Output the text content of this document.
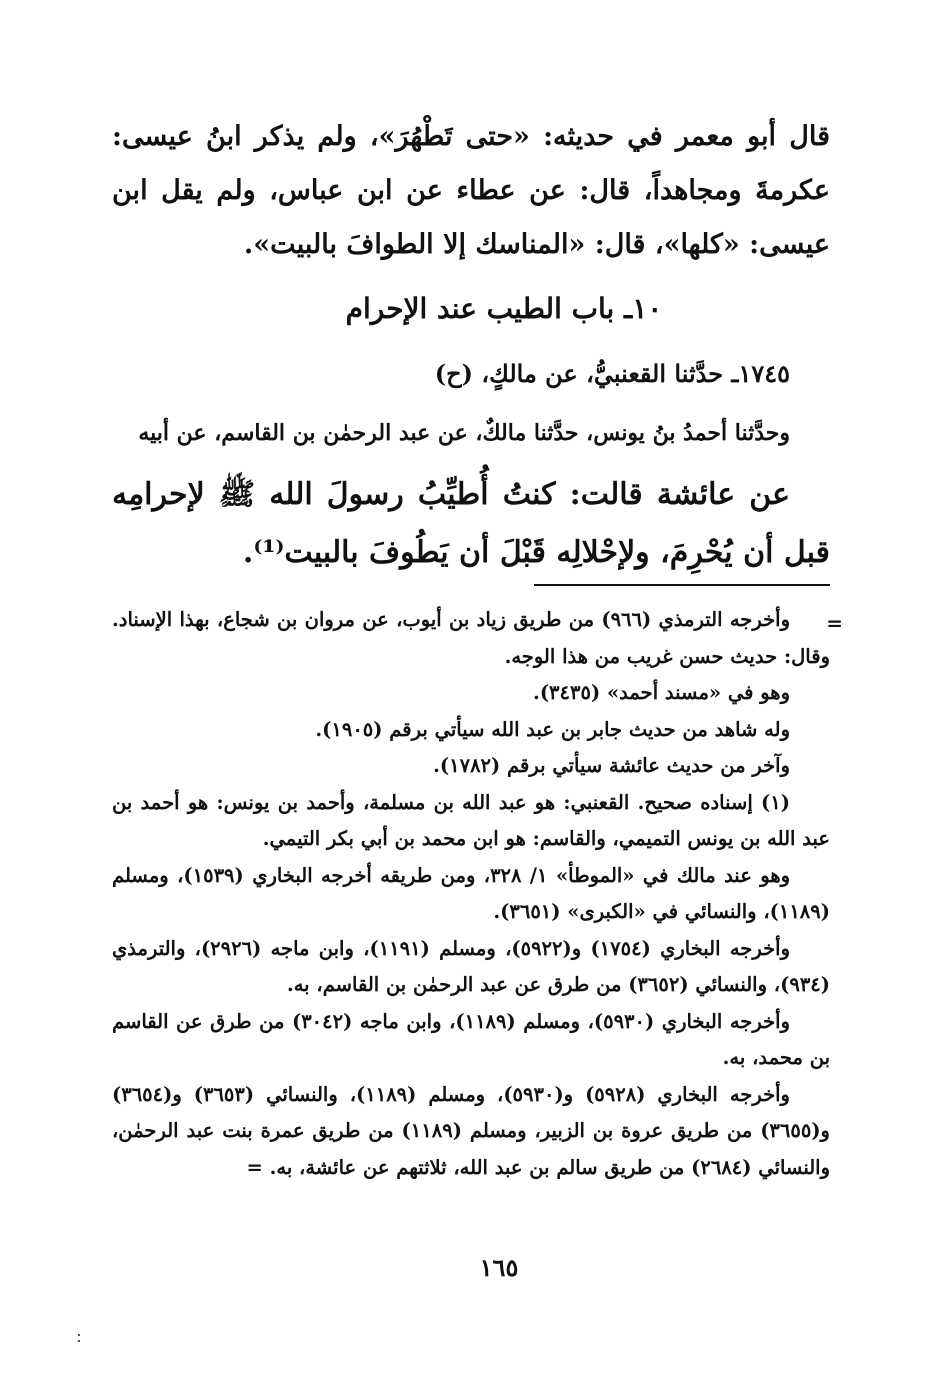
قال أبو معمر في حديثه: «حتى تَطْهُرَ»، ولم يذكر ابنُ عيسى: عكرمةَ ومجاهداً، قال: عن عطاء عن ابن عباس، ولم يقل ابن عيسى: «كلها»، قال: «المناسك إلا الطوافَ بالبيت».
١٠ـ باب الطيب عند الإحرام
١٧٤٥ـ حدَّثنا القعنبيُّ، عن مالكٍ، (ح)
وحدَّثنا أحمدُ بنُ يونس، حدَّثنا مالكٌ، عن عبد الرحمٰن بن القاسم، عن أبيه
عن عائشة قالت: كنتُ أُطيِّبُ رسولَ الله ﷺ لإحرامِه قبل أن يُحْرِمَ، ولإحْلالِه قَبْلَ أن يَطُوفَ بالبيت⁽¹⁾.
=

وأخرجه الترمذي (٩٦٦) من طريق زياد بن أيوب، عن مروان بن شجاع، بهذا الإسناد. وقال: حديث حسن غريب من هذا الوجه.

وهو في «مسند أحمد» (٣٤٣٥).

وله شاهد من حديث جابر بن عبد الله سيأتي برقم (١٩٠٥).

وآخر من حديث عائشة سيأتي برقم (١٧٨٢).

(١) إسناده صحيح. القعنبي: هو عبد الله بن مسلمة، وأحمد بن يونس: هو أحمد بن عبد الله بن يونس التميمي، والقاسم: هو ابن محمد بن أبي بكر التيمي.

وهو عند مالك في «الموطأ» ١/ ٣٢٨، ومن طريقه أخرجه البخاري (١٥٣٩)، ومسلم (١١٨٩)، والنسائي في «الكبرى» (٣٦٥١).

وأخرجه البخاري (١٧٥٤) و(٥٩٢٢)، ومسلم (١١٩١)، وابن ماجه (٢٩٢٦)، والترمذي (٩٣٤)، والنسائي (٣٦٥٢) من طرق عن عبد الرحمٰن بن القاسم، به.

وأخرجه البخاري (٥٩٣٠)، ومسلم (١١٨٩)، وابن ماجه (٣٠٤٢) من طرق عن القاسم بن محمد، به.

وأخرجه البخاري (٥٩٢٨) و(٥٩٣٠)، ومسلم (١١٨٩)، والنسائي (٣٦٥٣) و(٣٦٥٤) و(٣٦٥٥) من طريق عروة بن الزبير، ومسلم (١١٨٩) من طريق عمرة بنت عبد الرحمٰن، والنسائي (٢٦٨٤) من طريق سالم بن عبد الله، ثلاثتهم عن عائشة، به. =

١٦٥
